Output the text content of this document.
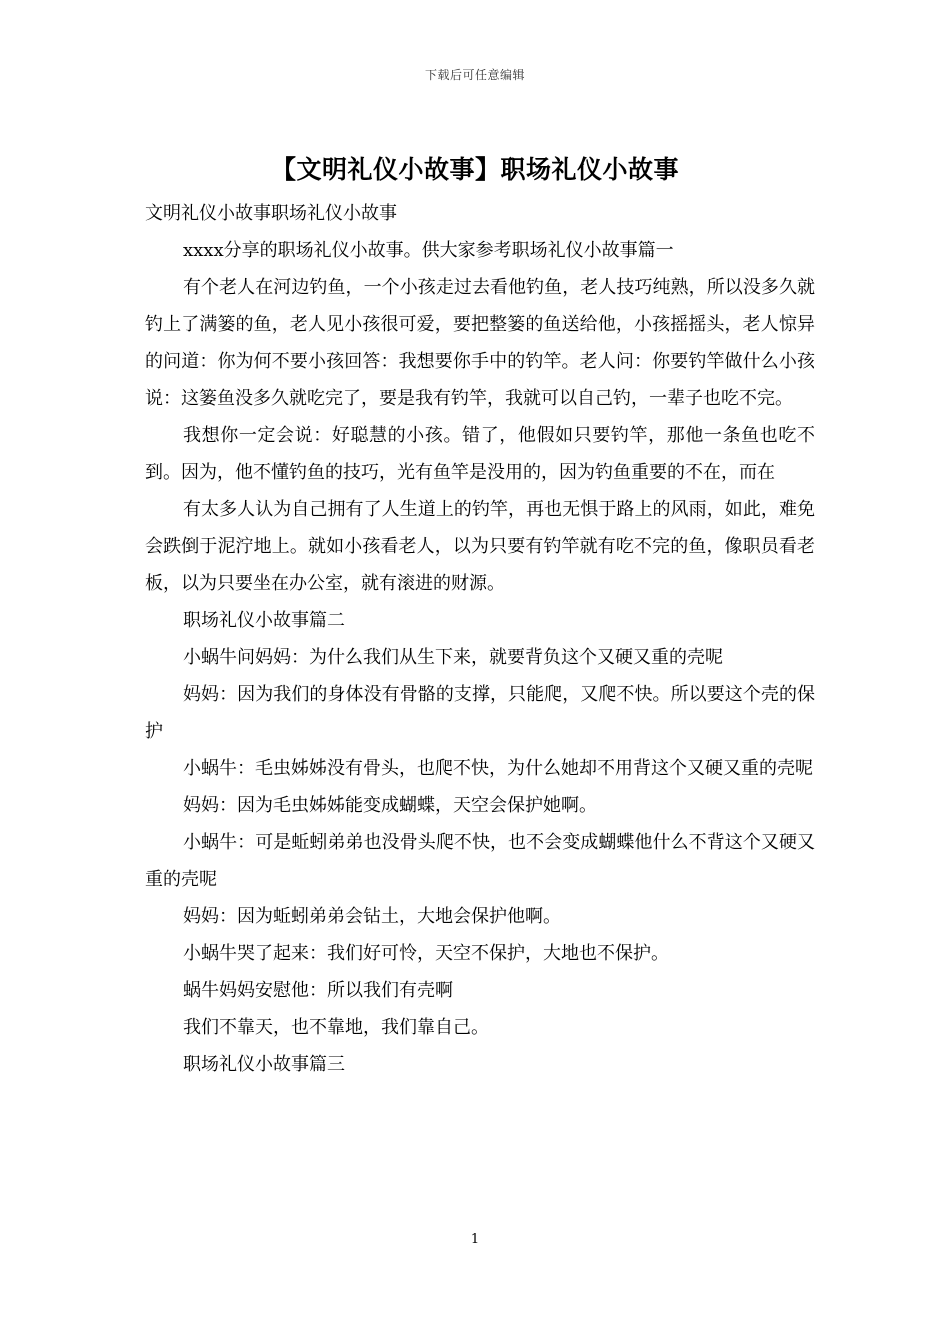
下载后可任意编辑
【文明礼仪小故事】职场礼仪小故事

文明礼仪小故事职场礼仪小故事

xxxx分享的职场礼仪小故事。供大家参考职场礼仪小故事篇一

有个老人在河边钓鱼，一个小孩走过去看他钓鱼，老人技巧纯熟，所以没多久就钓上了满篓的鱼，老人见小孩很可爱，要把整篓的鱼送给他，小孩摇摇头，老人惊异的问道：你为何不要小孩回答：我想要你手中的钓竿。老人问：你要钓竿做什么小孩说：这篓鱼没多久就吃完了，要是我有钓竿，我就可以自己钓，一辈子也吃不完。

我想你一定会说：好聪慧的小孩。错了，他假如只要钓竿，那他一条鱼也吃不到。因为，他不懂钓鱼的技巧，光有鱼竿是没用的，因为钓鱼重要的不在，而在

有太多人认为自己拥有了人生道上的钓竿，再也无惧于路上的风雨，如此，难免会跌倒于泥泞地上。就如小孩看老人，以为只要有钓竿就有吃不完的鱼，像职员看老板，以为只要坐在办公室，就有滚进的财源。

职场礼仪小故事篇二

小蜗牛问妈妈：为什么我们从生下来，就要背负这个又硬又重的壳呢

妈妈：因为我们的身体没有骨骼的支撑，只能爬，又爬不快。所以要这个壳的保护

小蜗牛：毛虫姊姊没有骨头，也爬不快，为什么她却不用背这个又硬又重的壳呢

妈妈：因为毛虫姊姊能变成蝴蝶，天空会保护她啊。

小蜗牛：可是蚯蚓弟弟也没骨头爬不快，也不会变成蝴蝶他什么不背这个又硬又重的壳呢

妈妈：因为蚯蚓弟弟会钻土，大地会保护他啊。

小蜗牛哭了起来：我们好可怜，天空不保护，大地也不保护。

蜗牛妈妈安慰他：所以我们有壳啊

我们不靠天，也不靠地，我们靠自己。

职场礼仪小故事篇三

1
